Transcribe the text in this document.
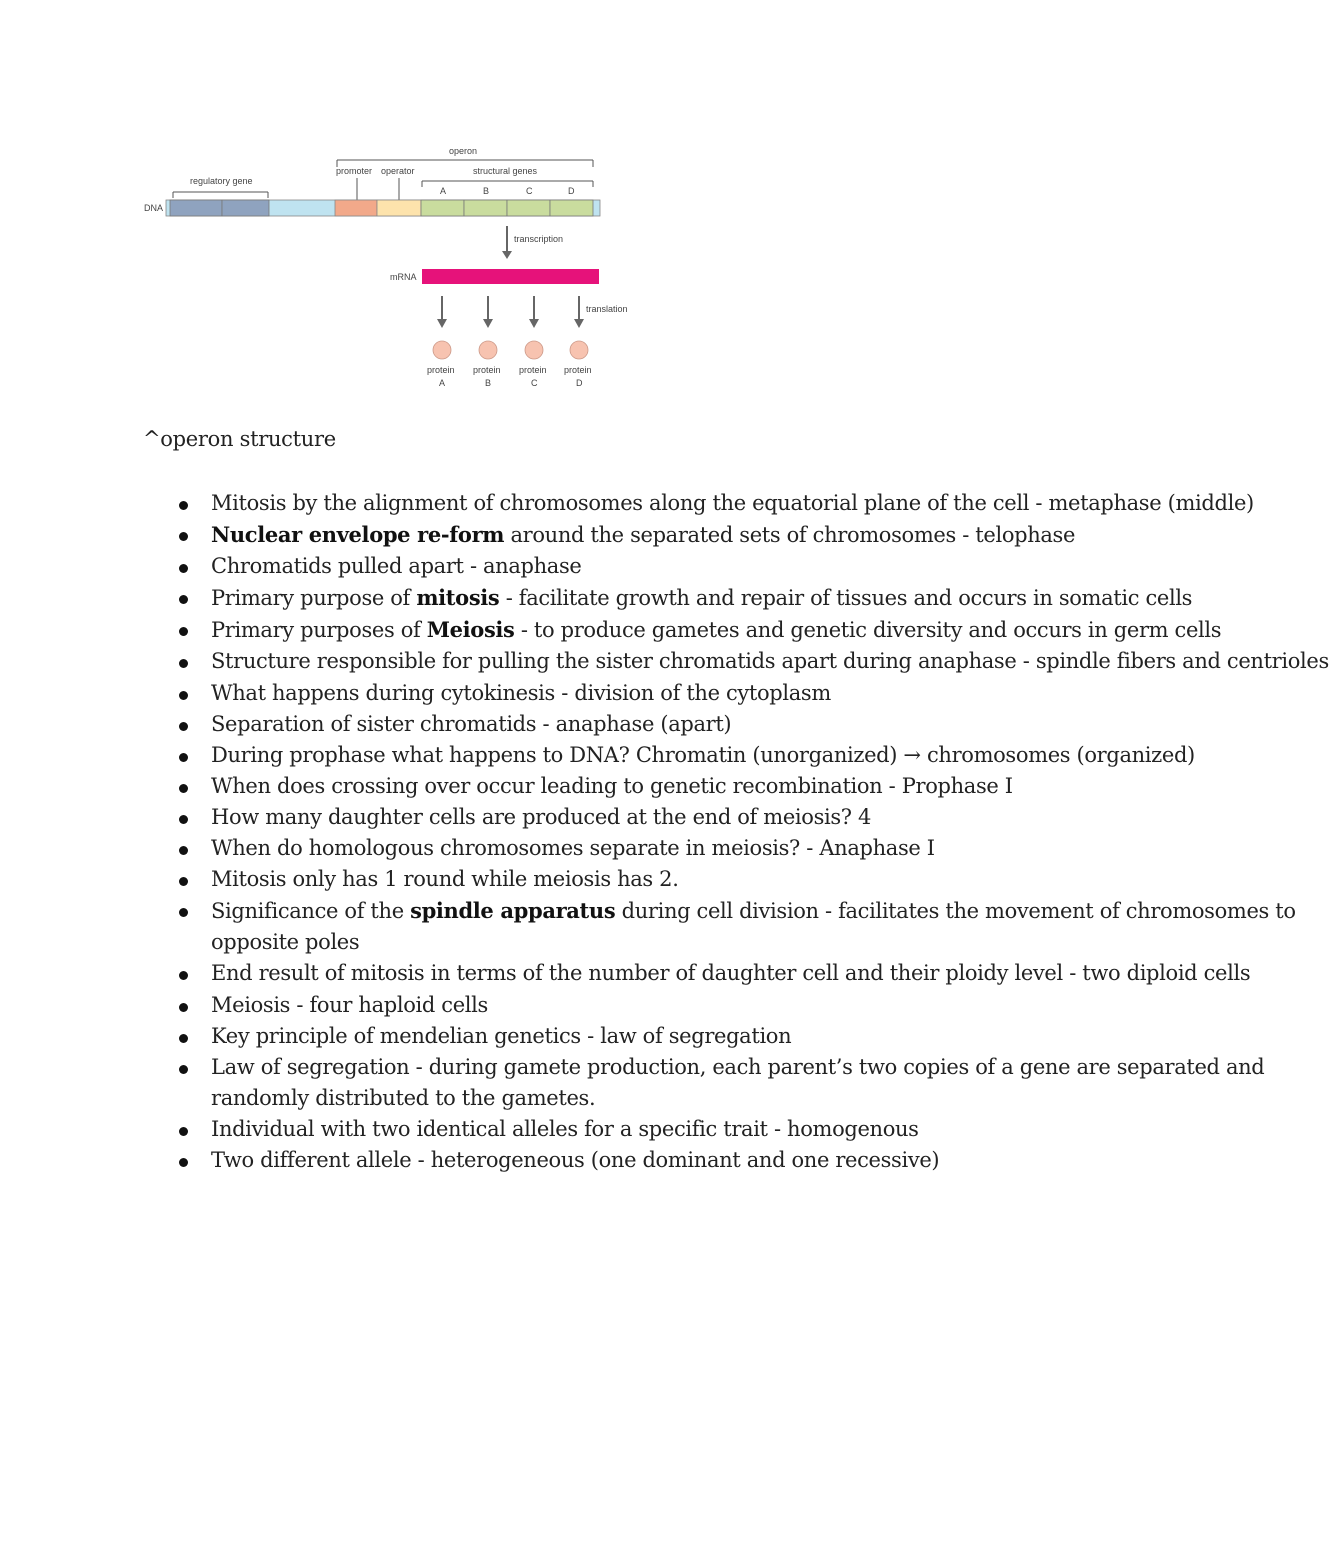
operon
promoter operator	structural genes
A	B	C	D
regulatory gene
DNA
transcription
mRNA
translation
protein protein protein protein
A	B	C	D
^operon structure
Mitosis by the alignment of chromosomes along the equatorial plane of the cell - metaphase (middle)
Nuclear envelope re-form around the separated sets of chromosomes - telophase
Chromatids pulled apart - anaphase
Primary purpose of mitosis - facilitate growth and repair of tissues and occurs in somatic cells
Primary purposes of Meiosis - to produce gametes and genetic diversity and occurs in germ cells
Structure responsible for pulling the sister chromatids apart during anaphase - spindle fibers and centrioles
What happens during cytokinesis - division of the cytoplasm
Separation of sister chromatids - anaphase (apart)
During prophase what happens to DNA? Chromatin (unorganized) → chromosomes (organized)
When does crossing over occur leading to genetic recombination - Prophase I
How many daughter cells are produced at the end of meiosis? 4
When do homologous chromosomes separate in meiosis? - Anaphase I
Mitosis only has 1 round while meiosis has 2.
Significance of the spindle apparatus during cell division - facilitates the movement of chromosomes to opposite poles
End result of mitosis in terms of the number of daughter cell and their ploidy level - two diploid cells
Meiosis - four haploid cells
Key principle of mendelian genetics - law of segregation
Law of segregation - during gamete production, each parent’s two copies of a gene are separated and randomly distributed to the gametes.
Individual with two identical alleles for a specific trait - homogenous
Two different allele - heterogeneous (one dominant and one recessive)
